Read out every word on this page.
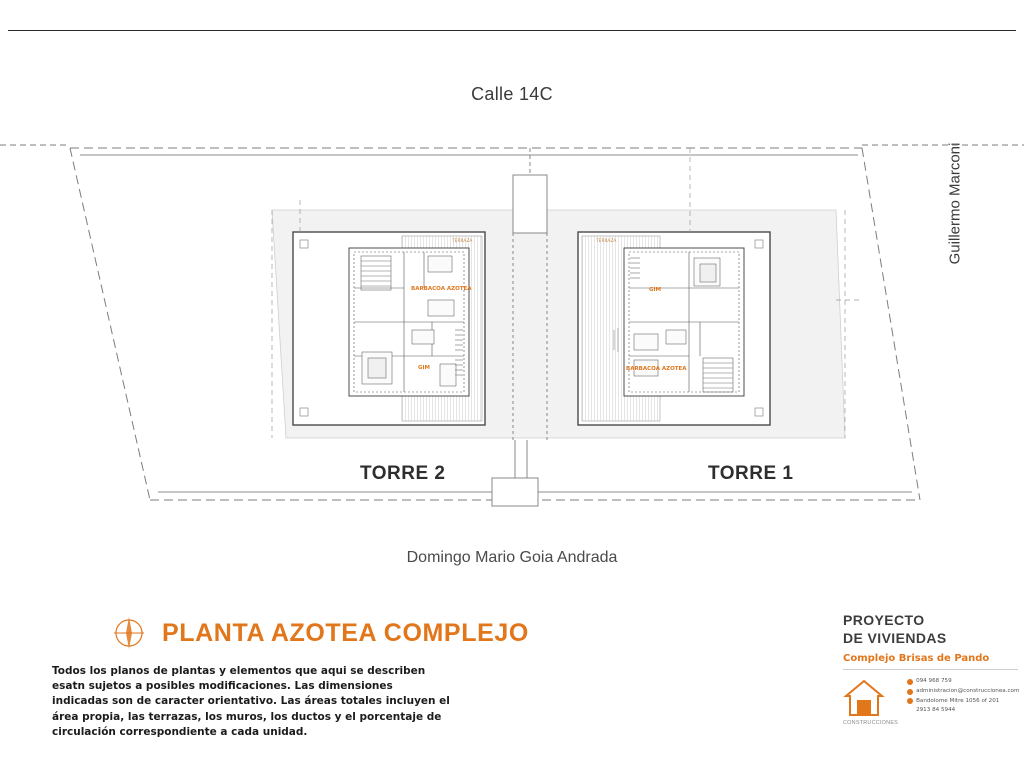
Calle 14C
Domingo Mario Goia Andrada
Guillermo Marconi
BARBACOA AZOTEA
GIM	BARBACOA AZOTEA
GIM
TERRAZA	TERRAZA
TORRE 2	TORRE 1
PLANTA AZOTEA COMPLEJO
Todos los planos de plantas y elementos que aqui se describen esatn sujetos a posibles modificaciones. Las dimensiones indicadas son de caracter orientativo. Las áreas totales incluyen el área propia, las terrazas, los muros, los ductos y el porcentaje de circulación correspondiente a cada unidad.
PROYECTO
DE VIVIENDAS
Complejo Brisas de Pando
CONSTRUCCIONES
094 968 759
administracion@construccionea.com
Bandolome Mitre 1056 of 201
2913 84 5944
